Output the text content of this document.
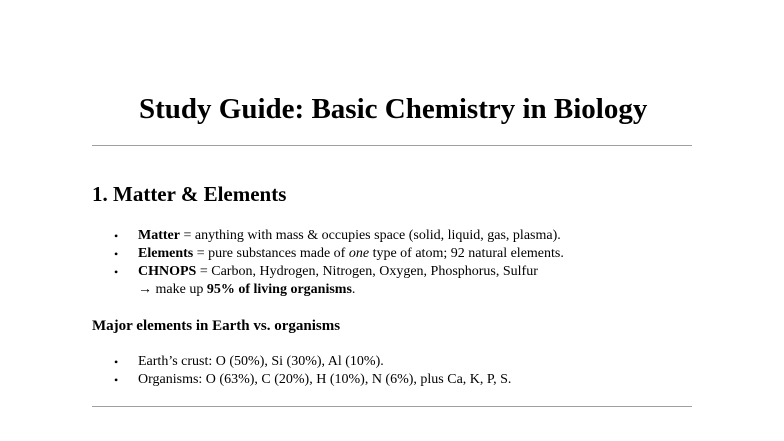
Study Guide: Basic Chemistry in Biology
1. Matter & Elements
• Matter = anything with mass & occupies space (solid, liquid, gas, plasma).
• Elements = pure substances made of one type of atom; 92 natural elements.
• CHNOPS = Carbon, Hydrogen, Nitrogen, Oxygen, Phosphorus, Sulfur
→ make up 95% of living organisms.
Major elements in Earth vs. organisms
• Earth’s crust: O (50%), Si (30%), Al (10%).
• Organisms: O (63%), C (20%), H (10%), N (6%), plus Ca, K, P, S.
